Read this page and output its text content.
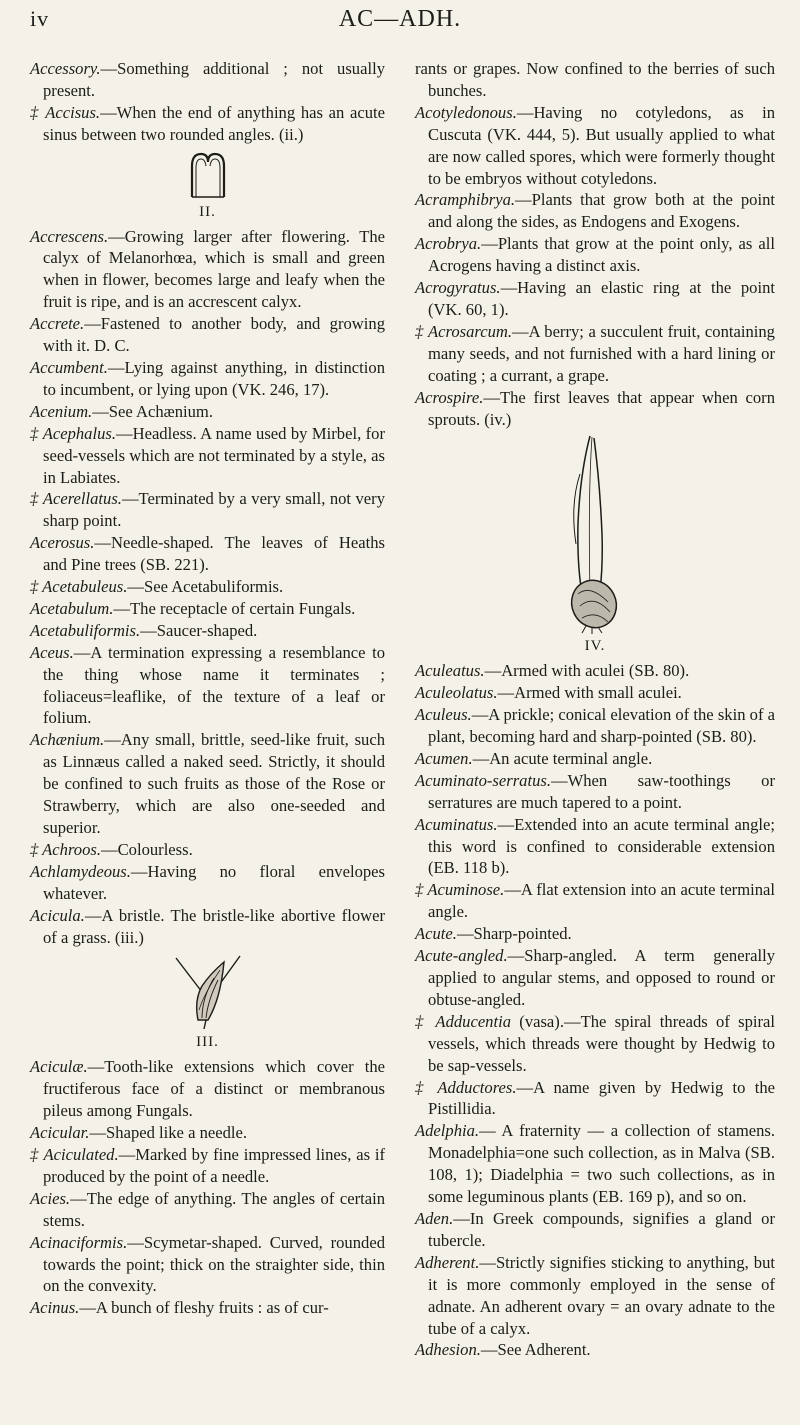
iv	AC—ADH.

Accessory.—Something additional ; not usually present.

‡ Accisus.—When the end of anything has an acute sinus between two rounded angles. (ii.)

II.

Accrescens.—Growing larger after flowering. The calyx of Melanorhœa, which is small and green when in flower, becomes large and leafy when the fruit is ripe, and is an accrescent calyx.

Accrete.—Fastened to another body, and growing with it. D. C.

Accumbent.—Lying against anything, in distinction to incumbent, or lying upon (VK. 246, 17).

Acenium.—See Achænium.

‡ Acephalus.—Headless. A name used by Mirbel, for seed-vessels which are not terminated by a style, as in Labiates.

‡ Acerellatus.—Terminated by a very small, not very sharp point.

Acerosus.—Needle-shaped. The leaves of Heaths and Pine trees (SB. 221).

‡ Acetabuleus.—See Acetabuliformis.

Acetabulum.—The receptacle of certain Fungals.

Acetabuliformis.—Saucer-shaped.

Aceus.—A termination expressing a resemblance to the thing whose name it terminates ; foliaceus=leaflike, of the texture of a leaf or folium.

Achænium.—Any small, brittle, seed-like fruit, such as Linnæus called a naked seed. Strictly, it should be confined to such fruits as those of the Rose or Strawberry, which are also one-seeded and superior.

‡ Achroos.—Colourless.

Achlamydeous.—Having no floral envelopes whatever.

Acicula.—A bristle. The bristle-like abortive flower of a grass. (iii.)

III.

Aciculæ.—Tooth-like extensions which cover the fructiferous face of a distinct or membranous pileus among Fungals.

Acicular.—Shaped like a needle.

‡ Aciculated.—Marked by fine impressed lines, as if produced by the point of a needle.

Acies.—The edge of anything. The angles of certain stems.

Acinaciformis.—Scymetar-shaped. Curved, rounded towards the point; thick on the straighter side, thin on the convexity.

Acinus.—A bunch of fleshy fruits : as of cur-

rants or grapes. Now confined to the berries of such bunches.

Acotyledonous.—Having no cotyledons, as in Cuscuta (VK. 444, 5). But usually applied to what are now called spores, which were formerly thought to be embryos without cotyledons.

Acramphibrya.—Plants that grow both at the point and along the sides, as Endogens and Exogens.

Acrobrya.—Plants that grow at the point only, as all Acrogens having a distinct axis.

Acrogyratus.—Having an elastic ring at the point (VK. 60, 1).

‡ Acrosarcum.—A berry; a succulent fruit, containing many seeds, and not furnished with a hard lining or coating ; a currant, a grape.

Acrospire.—The first leaves that appear when corn sprouts. (iv.)

IV.

Aculeatus.—Armed with aculei (SB. 80).

Aculeolatus.—Armed with small aculei.

Aculeus.—A prickle; conical elevation of the skin of a plant, becoming hard and sharp-pointed (SB. 80).

Acumen.—An acute terminal angle.

Acuminato-serratus.—When saw-toothings or serratures are much tapered to a point.

Acuminatus.—Extended into an acute terminal angle; this word is confined to considerable extension (EB. 118 b).

‡ Acuminose.—A flat extension into an acute terminal angle.

Acute.—Sharp-pointed.

Acute-angled.—Sharp-angled. A term generally applied to angular stems, and opposed to round or obtuse-angled.

‡ Adducentia (vasa).—The spiral threads of spiral vessels, which threads were thought by Hedwig to be sap-vessels.

‡ Adductores.—A name given by Hedwig to the Pistillidia.

Adelphia.— A fraternity — a collection of stamens. Monadelphia=one such collection, as in Malva (SB. 108, 1); Diadelphia = two such collections, as in some leguminous plants (EB. 169 p), and so on.

Aden.—In Greek compounds, signifies a gland or tubercle.

Adherent.—Strictly signifies sticking to anything, but it is more commonly employed in the sense of adnate. An adherent ovary = an ovary adnate to the tube of a calyx.

Adhesion.—See Adherent.
